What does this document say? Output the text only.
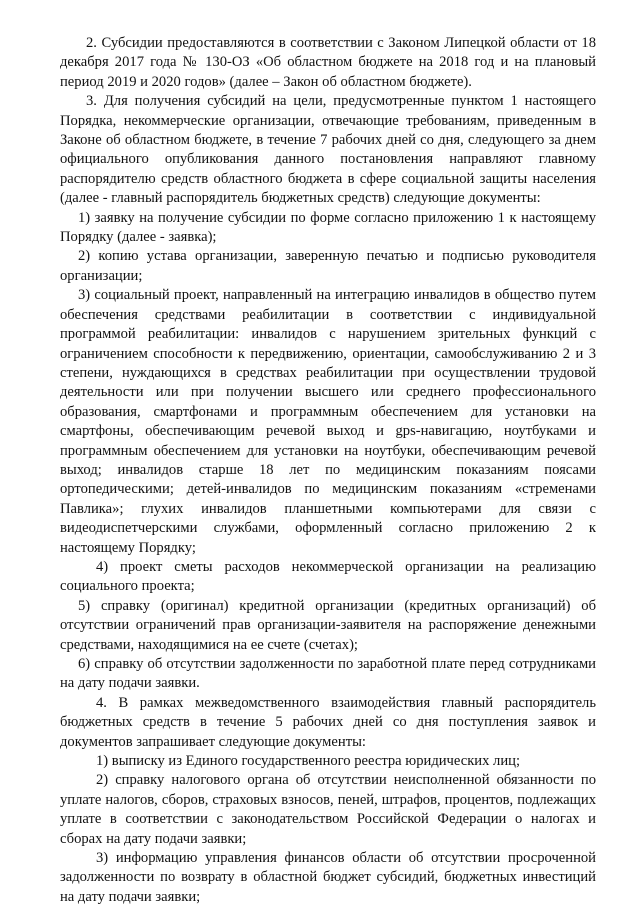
2. Субсидии предоставляются в соответствии с Законом Липецкой области от 18 декабря 2017 года № 130-ОЗ «Об областном бюджете на 2018 год и на плановый период 2019 и 2020 годов» (далее – Закон об областном бюджете).

3. Для получения субсидий на цели, предусмотренные пунктом 1 настоящего Порядка, некоммерческие организации, отвечающие требованиям, приведенным в Законе об областном бюджете, в течение 7 рабочих дней со дня, следующего за днем официального опубликования данного постановления направляют главному распорядителю средств областного бюджета в сфере социальной защиты населения (далее - главный распорядитель бюджетных средств) следующие документы:

1) заявку на получение субсидии по форме согласно приложению 1 к настоящему Порядку (далее - заявка);

2) копию устава организации, заверенную печатью и подписью руководителя организации;

3) социальный проект, направленный на интеграцию инвалидов в общество путем обеспечения средствами реабилитации в соответствии с индивидуальной программой реабилитации: инвалидов с нарушением зрительных функций с ограничением способности к передвижению, ориентации, самообслуживанию 2 и 3 степени, нуждающихся в средствах реабилитации при осуществлении трудовой деятельности или при получении высшего или среднего профессионального образования, смартфонами и программным обеспечением для установки на смартфоны, обеспечивающим речевой выход и gps-навигацию, ноутбуками и программным обеспечением для установки на ноутбуки, обеспечивающим речевой выход; инвалидов старше 18 лет по медицинским показаниям поясами ортопедическими; детей-инвалидов по медицинским показаниям «стременами Павлика»; глухих инвалидов планшетными компьютерами для связи с видеодиспетчерскими службами, оформленный согласно приложению 2 к настоящему Порядку;

4) проект сметы расходов некоммерческой организации на реализацию социального проекта;

5) справку (оригинал) кредитной организации (кредитных организаций) об отсутствии ограничений прав организации-заявителя на распоряжение денежными средствами, находящимися на ее счете (счетах);

6) справку об отсутствии задолженности по заработной плате перед сотрудниками на дату подачи заявки.

4. В рамках межведомственного взаимодействия главный распорядитель бюджетных средств в течение 5 рабочих дней со дня поступления заявок и документов запрашивает следующие документы:

1) выписку из Единого государственного реестра юридических лиц;

2) справку налогового органа об отсутствии неисполненной обязанности по уплате налогов, сборов, страховых взносов, пеней, штрафов, процентов, подлежащих уплате в соответствии с законодательством Российской Федерации о налогах и сборах на дату подачи заявки;

3) информацию управления финансов области об отсутствии просроченной задолженности по возврату в областной бюджет субсидий, бюджетных инвестиций на дату подачи заявки;
